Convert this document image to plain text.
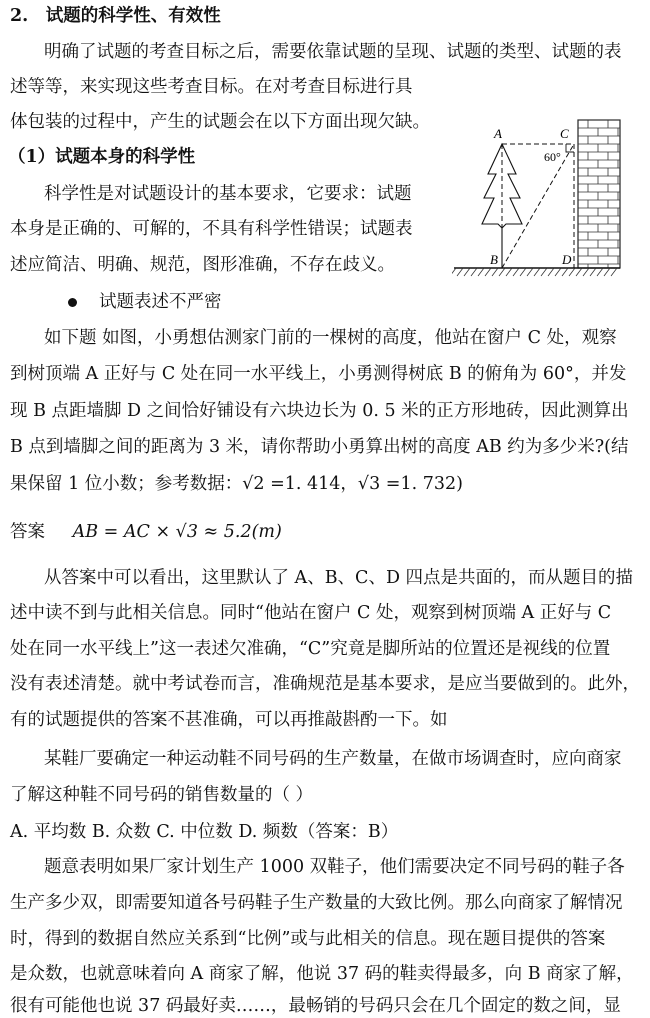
2.　试题的科学性、有效性
明确了试题的考查目标之后，需要依靠试题的呈现、试题的类型、试题的表
述等等，来实现这些考查目标。在对考查目标进行具
体包装的过程中，产生的试题会在以下方面出现欠缺。
（1）试题本身的科学性
科学性是对试题设计的基本要求，它要求：试题
本身是正确的、可解的，不具有科学性错误；试题表
述应简洁、明确、规范，图形准确，不存在歧义。
试题表述不严密
如下题 如图，小勇想估测家门前的一棵树的高度，他站在窗户 C 处，观察
到树顶端 A 正好与 C 处在同一水平线上，小勇测得树底 B 的俯角为 60°，并发
现 B 点距墙脚 D 之间恰好铺设有六块边长为 0. 5 米的正方形地砖，因此测算出
B 点到墙脚之间的距离为 3 米，请你帮助小勇算出树的高度 AB 约为多少米?(结
果保留 1 位小数；参考数据：√2 =1. 414，√3 =1. 732)
答案 AB = AC × √3 ≈ 5.2(m)
从答案中可以看出，这里默认了 A、B、C、D 四点是共面的，而从题目的描
述中读不到与此相关信息。同时“他站在窗户 C 处，观察到树顶端 A 正好与 C
处在同一水平线上”这一表述欠准确，“C”究竟是脚所站的位置还是视线的位置
没有表述清楚。就中考试卷而言，准确规范是基本要求，是应当要做到的。此外，
有的试题提供的答案不甚准确，可以再推敲斟酌一下。如
某鞋厂要确定一种运动鞋不同号码的生产数量，在做市场调查时，应向商家
了解这种鞋不同号码的销售数量的（ ）
A. 平均数 B. 众数 C. 中位数 D. 频数（答案：B）
题意表明如果厂家计划生产 1000 双鞋子，他们需要决定不同号码的鞋子各
生产多少双，即需要知道各号码鞋子生产数量的大致比例。那么向商家了解情况
时，得到的数据自然应关系到“比例”或与此相关的信息。现在题目提供的答案
是众数，也就意味着向 A 商家了解，他说 37 码的鞋卖得最多，向 B 商家了解，
很有可能他也说 37 码最好卖……，最畅销的号码只会在几个固定的数之间，显
A	C
60°
B	D
